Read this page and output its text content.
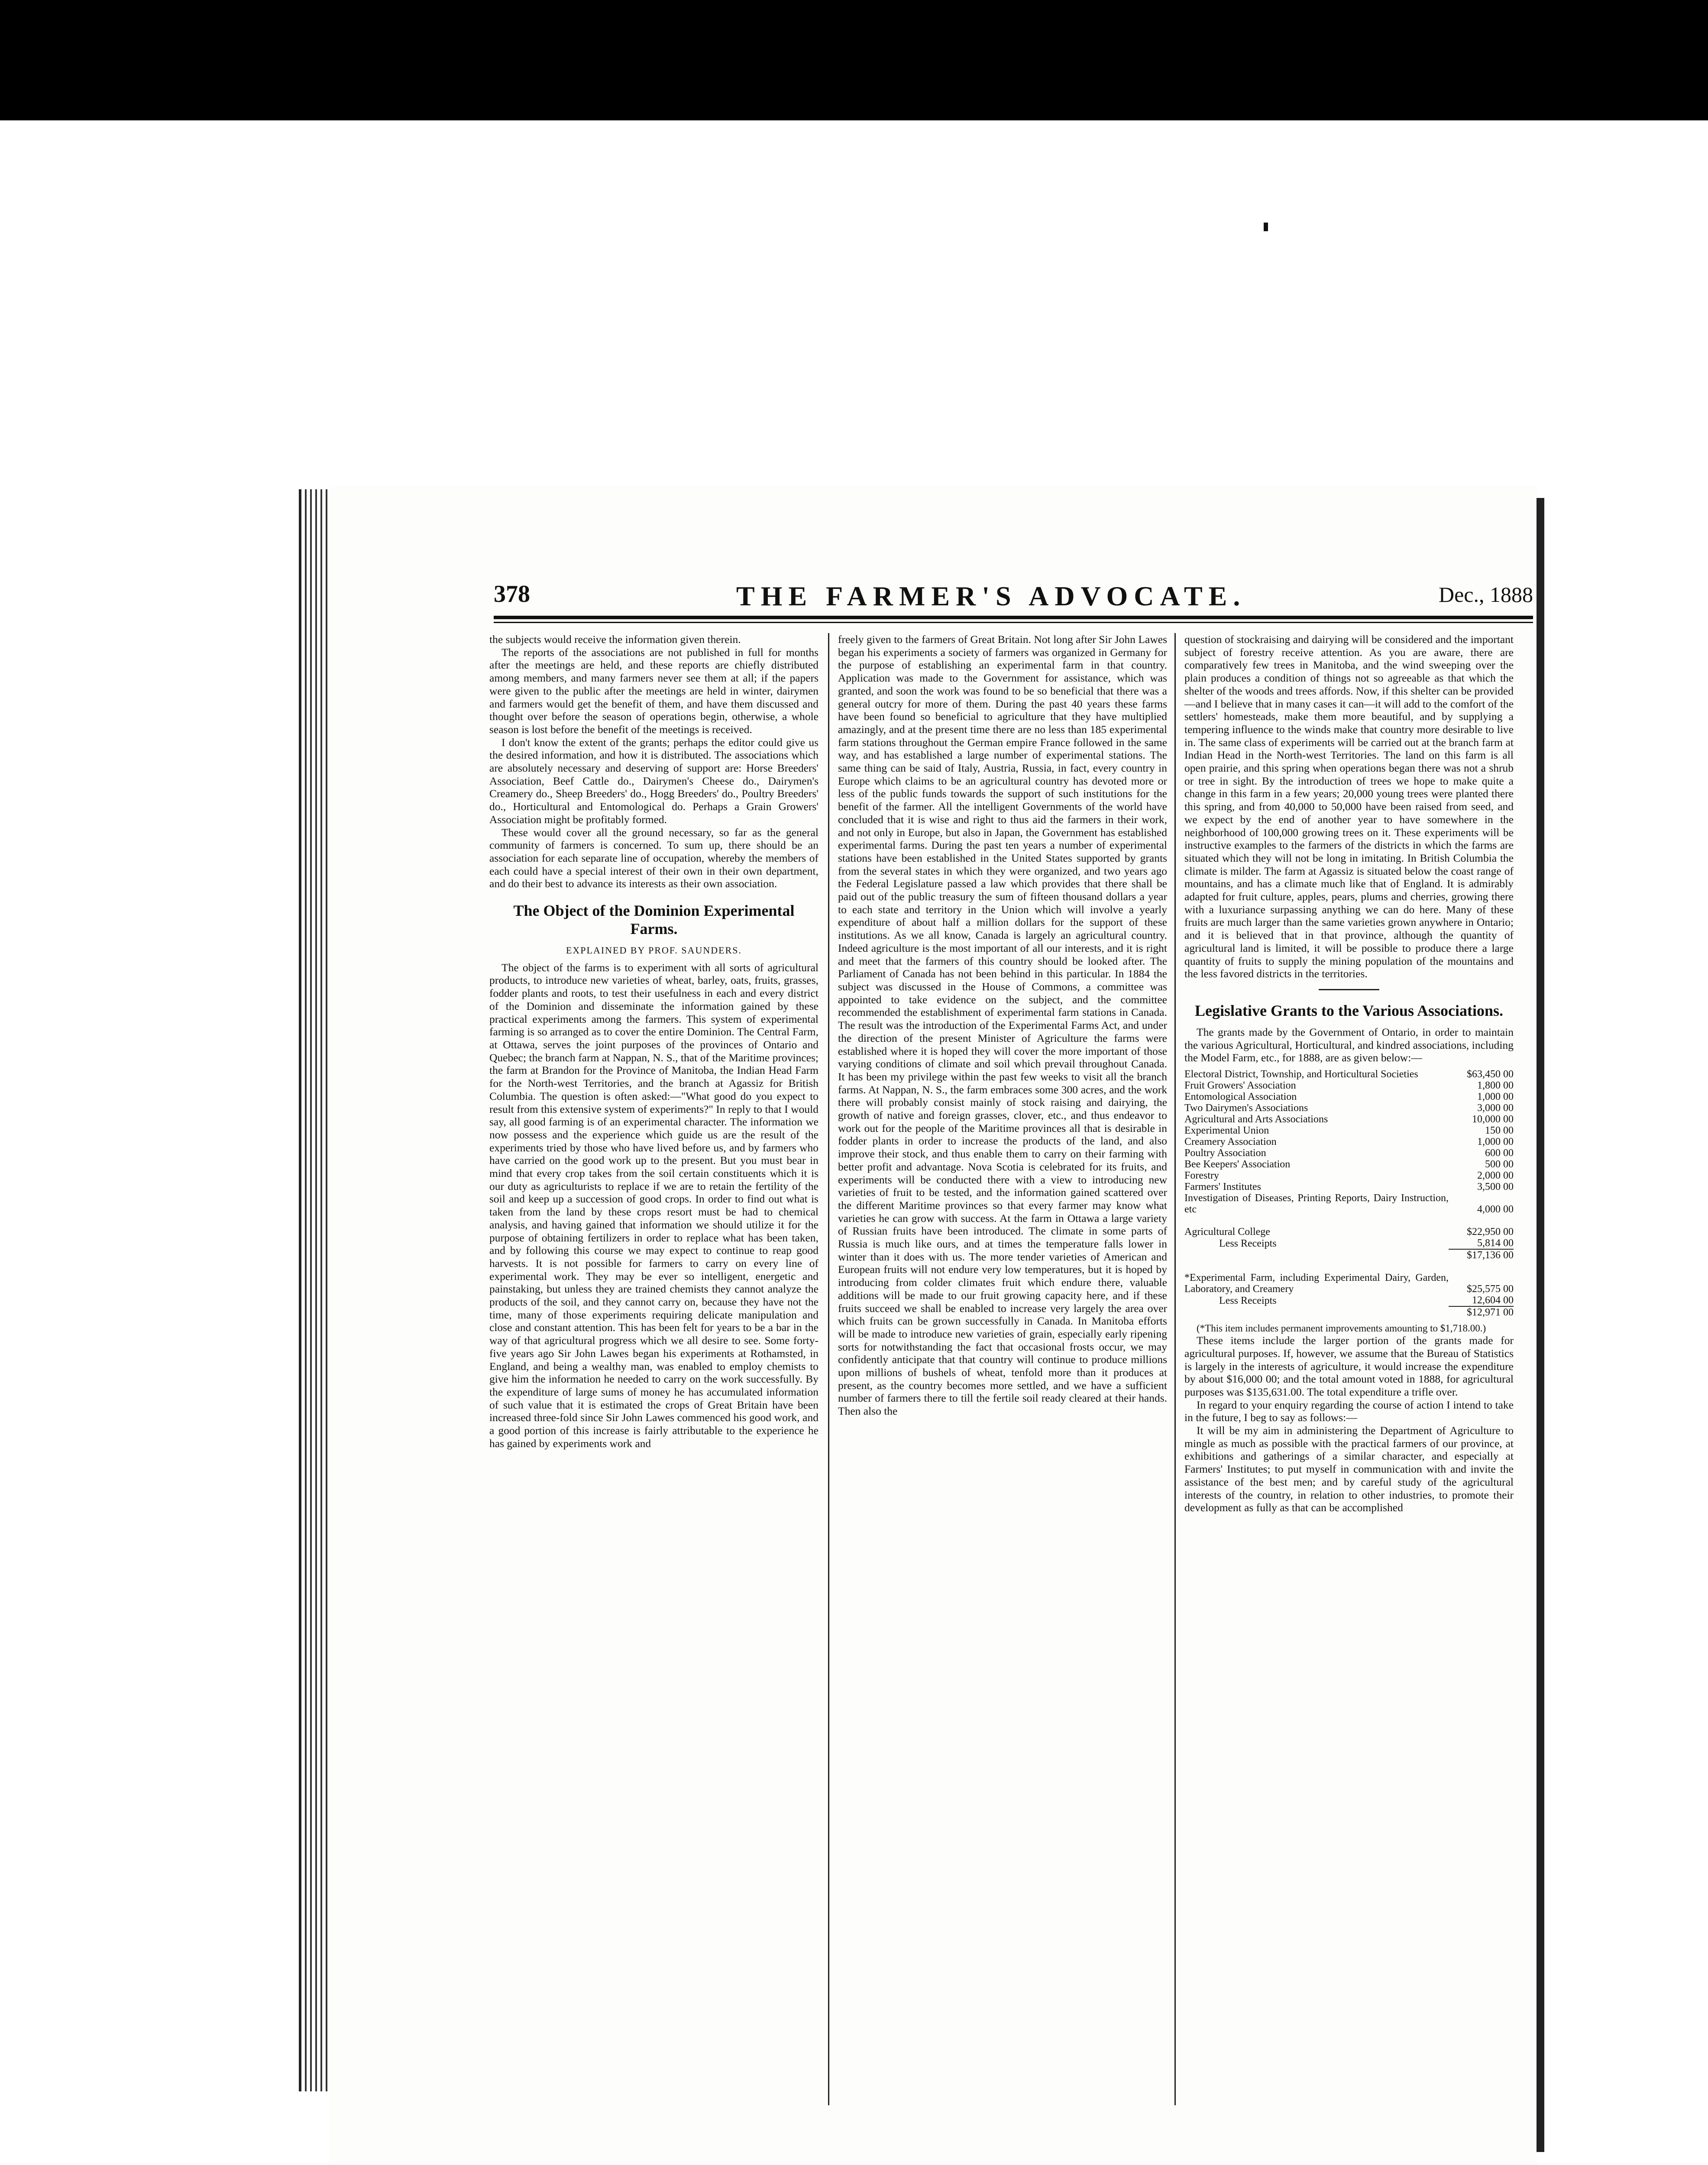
378	THE FARMER'S ADVOCATE.	Dec., 1888

the subjects would receive the information given therein.

The reports of the associations are not published in full for months after the meetings are held, and these reports are chiefly distributed among members, and many farmers never see them at all; if the papers were given to the public after the meetings are held in winter, dairymen and farmers would get the benefit of them, and have them discussed and thought over before the season of operations begin, otherwise, a whole season is lost before the benefit of the meetings is received.

I don't know the extent of the grants; perhaps the editor could give us the desired information, and how it is distributed. The associations which are absolutely necessary and deserving of support are: Horse Breeders' Association, Beef Cattle do., Dairymen's Cheese do., Dairymen's Creamery do., Sheep Breeders' do., Hogg Breeders' do., Poultry Breeders' do., Horticultural and Entomological do. Perhaps a Grain Growers' Association might be profitably formed.

These would cover all the ground necessary, so far as the general community of farmers is concerned. To sum up, there should be an association for each separate line of occupation, whereby the members of each could have a special interest of their own in their own department, and do their best to advance its interests as their own association.

The Object of the Dominion Experimental Farms.
EXPLAINED BY PROF. SAUNDERS.

The object of the farms is to experiment with all sorts of agricultural products, to introduce new varieties of wheat, barley, oats, fruits, grasses, fodder plants and roots, to test their usefulness in each and every district of the Dominion and disseminate the information gained by these practical experiments among the farmers. This system of experimental farming is so arranged as to cover the entire Dominion. The Central Farm, at Ottawa, serves the joint purposes of the provinces of Ontario and Quebec; the branch farm at Nappan, N. S., that of the Maritime provinces; the farm at Brandon for the Province of Manitoba, the Indian Head Farm for the North-west Territories, and the branch at Agassiz for British Columbia. The question is often asked:—"What good do you expect to result from this extensive system of experiments?" In reply to that I would say, all good farming is of an experimental character. The information we now possess and the experience which guide us are the result of the experiments tried by those who have lived before us, and by farmers who have carried on the good work up to the present. But you must bear in mind that every crop takes from the soil certain constituents which it is our duty as agriculturists to replace if we are to retain the fertility of the soil and keep up a succession of good crops. In order to find out what is taken from the land by these crops resort must be had to chemical analysis, and having gained that information we should utilize it for the purpose of obtaining fertilizers in order to replace what has been taken, and by following this course we may expect to continue to reap good harvests. It is not possible for farmers to carry on every line of experimental work. They may be ever so intelligent, energetic and painstaking, but unless they are trained chemists they cannot analyze the products of the soil, and they cannot carry on, because they have not the time, many of those experiments requiring delicate manipulation and close and constant attention. This has been felt for years to be a bar in the way of that agricultural progress which we all desire to see. Some forty-five years ago Sir John Lawes began his experiments at Rothamsted, in England, and being a wealthy man, was enabled to employ chemists to give him the information he needed to carry on the work successfully. By the expenditure of large sums of money he has accumulated information of such value that it is estimated the crops of Great Britain have been increased three-fold since Sir John Lawes commenced his good work, and a good portion of this increase is fairly attributable to the experience he has gained by experiments work and

freely given to the farmers of Great Britain. Not long after Sir John Lawes began his experiments a society of farmers was organized in Germany for the purpose of establishing an experimental farm in that country. Application was made to the Government for assistance, which was granted, and soon the work was found to be so beneficial that there was a general outcry for more of them. During the past 40 years these farms have been found so beneficial to agriculture that they have multiplied amazingly, and at the present time there are no less than 185 experimental farm stations throughout the German empire France followed in the same way, and has established a large number of experimental stations. The same thing can be said of Italy, Austria, Russia, in fact, every country in Europe which claims to be an agricultural country has devoted more or less of the public funds towards the support of such institutions for the benefit of the farmer. All the intelligent Governments of the world have concluded that it is wise and right to thus aid the farmers in their work, and not only in Europe, but also in Japan, the Government has established experimental farms. During the past ten years a number of experimental stations have been established in the United States supported by grants from the several states in which they were organized, and two years ago the Federal Legislature passed a law which provides that there shall be paid out of the public treasury the sum of fifteen thousand dollars a year to each state and territory in the Union which will involve a yearly expenditure of about half a million dollars for the support of these institutions. As we all know, Canada is largely an agricultural country. Indeed agriculture is the most important of all our interests, and it is right and meet that the farmers of this country should be looked after. The Parliament of Canada has not been behind in this particular. In 1884 the subject was discussed in the House of Commons, a committee was appointed to take evidence on the subject, and the committee recommended the establishment of experimental farm stations in Canada. The result was the introduction of the Experimental Farms Act, and under the direction of the present Minister of Agriculture the farms were established where it is hoped they will cover the more important of those varying conditions of climate and soil which prevail throughout Canada. It has been my privilege within the past few weeks to visit all the branch farms. At Nappan, N. S., the farm embraces some 300 acres, and the work there will probably consist mainly of stock raising and dairying, the growth of native and foreign grasses, clover, etc., and thus endeavor to work out for the people of the Maritime provinces all that is desirable in fodder plants in order to increase the products of the land, and also improve their stock, and thus enable them to carry on their farming with better profit and advantage. Nova Scotia is celebrated for its fruits, and experiments will be conducted there with a view to introducing new varieties of fruit to be tested, and the information gained scattered over the different Maritime provinces so that every farmer may know what varieties he can grow with success. At the farm in Ottawa a large variety of Russian fruits have been introduced. The climate in some parts of Russia is much like ours, and at times the temperature falls lower in winter than it does with us. The more tender varieties of American and European fruits will not endure very low temperatures, but it is hoped by introducing from colder climates fruit which endure there, valuable additions will be made to our fruit growing capacity here, and if these fruits succeed we shall be enabled to increase very largely the area over which fruits can be grown successfully in Canada. In Manitoba efforts will be made to introduce new varieties of grain, especially early ripening sorts for notwithstanding the fact that occasional frosts occur, we may confidently anticipate that that country will continue to produce millions upon millions of bushels of wheat, tenfold more than it produces at present, as the country becomes more settled, and we have a sufficient number of farmers there to till the fertile soil ready cleared at their hands. Then also the

question of stockraising and dairying will be considered and the important subject of forestry receive attention. As you are aware, there are comparatively few trees in Manitoba, and the wind sweeping over the plain produces a condition of things not so agreeable as that which the shelter of the woods and trees affords. Now, if this shelter can be provided—and I believe that in many cases it can—it will add to the comfort of the settlers' homesteads, make them more beautiful, and by supplying a tempering influence to the winds make that country more desirable to live in. The same class of experiments will be carried out at the branch farm at Indian Head in the North-west Territories. The land on this farm is all open prairie, and this spring when operations began there was not a shrub or tree in sight. By the introduction of trees we hope to make quite a change in this farm in a few years; 20,000 young trees were planted there this spring, and from 40,000 to 50,000 have been raised from seed, and we expect by the end of another year to have somewhere in the neighborhood of 100,000 growing trees on it. These experiments will be instructive examples to the farmers of the districts in which the farms are situated which they will not be long in imitating. In British Columbia the climate is milder. The farm at Agassiz is situated below the coast range of mountains, and has a climate much like that of England. It is admirably adapted for fruit culture, apples, pears, plums and cherries, growing there with a luxuriance surpassing anything we can do here. Many of these fruits are much larger than the same varieties grown anywhere in Ontario; and it is believed that in that province, although the quantity of agricultural land is limited, it will be possible to produce there a large quantity of fruits to supply the mining population of the mountains and the less favored districts in the territories.

Legislative Grants to the Various Associations.

The grants made by the Government of Ontario, in order to maintain the various Agricultural, Horticultural, and kindred associations, including the Model Farm, etc., for 1888, are as given below:—

Electoral District, Township, and Horticultural Societies	$63,450 00
Fruit Growers' Association	1,800 00
Entomological Association	1,000 00
Two Dairymen's Associations	3,000 00
Agricultural and Arts Associations	10,000 00
Experimental Union	150 00
Creamery Association	1,000 00
Poultry Association	600 00
Bee Keepers' Association	500 00
Forestry	2,000 00
Farmers' Institutes	3,500 00
Investigation of Diseases, Printing Reports, Dairy Instruction, etc	4,000 00

Agricultural College	$22,950 00
Less Receipts	5,814 00
	$17,136 00

*Experimental Farm, including Experimental Dairy, Garden, Laboratory, and Creamery	$25,575 00
Less Receipts	12,604 00
	$12,971 00

(*This item includes permanent improvements amounting to $1,718.00.)

These items include the larger portion of the grants made for agricultural purposes. If, however, we assume that the Bureau of Statistics is largely in the interests of agriculture, it would increase the expenditure by about $16,000 00; and the total amount voted in 1888, for agricultural purposes was $135,631.00. The total expenditure a trifle over.

In regard to your enquiry regarding the course of action I intend to take in the future, I beg to say as follows:—

It will be my aim in administering the Department of Agriculture to mingle as much as possible with the practical farmers of our province, at exhibitions and gatherings of a similar character, and especially at Farmers' Institutes; to put myself in communication with and invite the assistance of the best men; and by careful study of the agricultural interests of the country, in relation to other industries, to promote their development as fully as that can be accomplished
